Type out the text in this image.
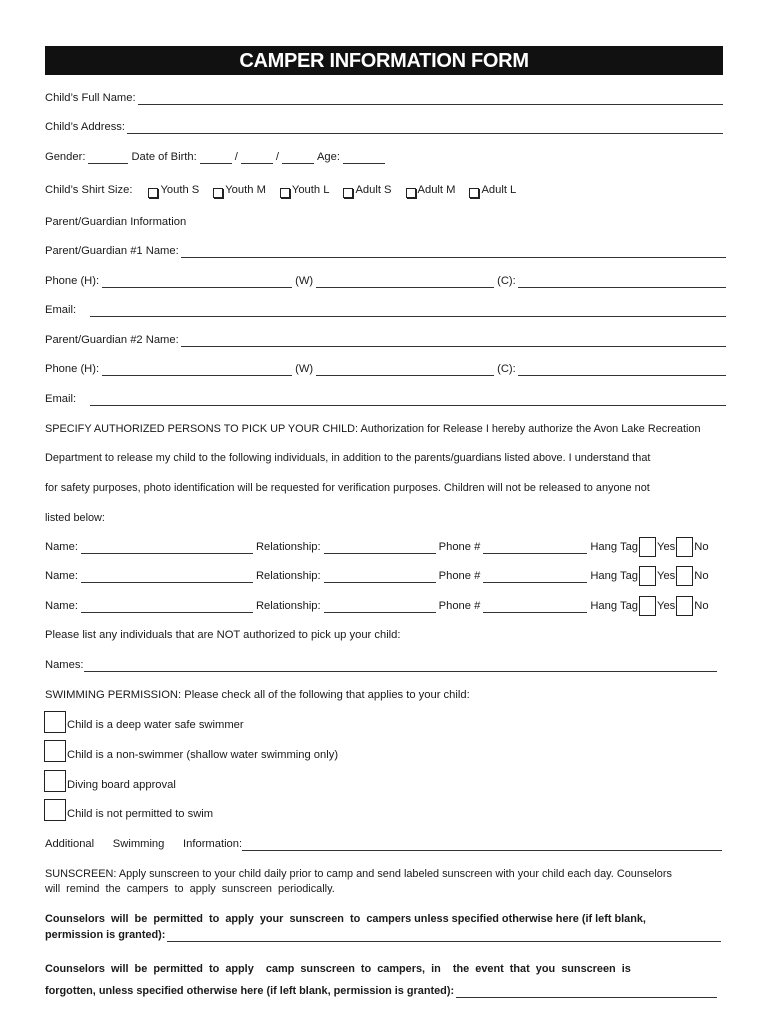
CAMPER INFORMATION FORM
Child’s Full Name:
Child’s Address:
Gender:	Date of Birth:	/	/	Age:
Child’s Shirt Size:	Youth S Youth M Youth L Adult S Adult M Adult L
Parent/Guardian Information
Parent/Guardian #1 Name:
Phone (H):	(W)	(C):
Email:
Parent/Guardian #2 Name:
Phone (H):	(W)	(C):
Email:
SPECIFY AUTHORIZED PERSONS TO PICK UP YOUR CHILD: Authorization for Release I hereby authorize the Avon Lake Recreation
Department to release my child to the following individuals, in addition to the parents/guardians listed above. I understand that
for safety purposes, photo identification will be requested for verification purposes. Children will not be released to anyone not
listed below:
Name:	Relationship:	Phone #	Hang Tag Yes No
Name:	Relationship:	Phone #	Hang Tag Yes No
Name:	Relationship:	Phone #	Hang Tag Yes No
Please list any individuals that are NOT authorized to pick up your child:
Names:
SWIMMING PERMISSION: Please check all of the following that applies to your child:
Child is a deep water safe swimmer
Child is a non-swimmer (shallow water swimming only)
Diving board approval
Child is not permitted to swim
Additional      Swimming      Information:
SUNSCREEN: Apply sunscreen to your child daily prior to camp and send labeled sunscreen with your child each day. Counselors
will  remind  the  campers  to  apply  sunscreen  periodically.
Counselors  will  be  permitted  to  apply  your  sunscreen  to  campers unless specified otherwise here (if left blank,
permission is granted):
Counselors  will  be  permitted  to  apply    camp  sunscreen  to  campers,  in    the  event  that  you  sunscreen  is
forgotten, unless specified otherwise here (if left blank, permission is granted):
